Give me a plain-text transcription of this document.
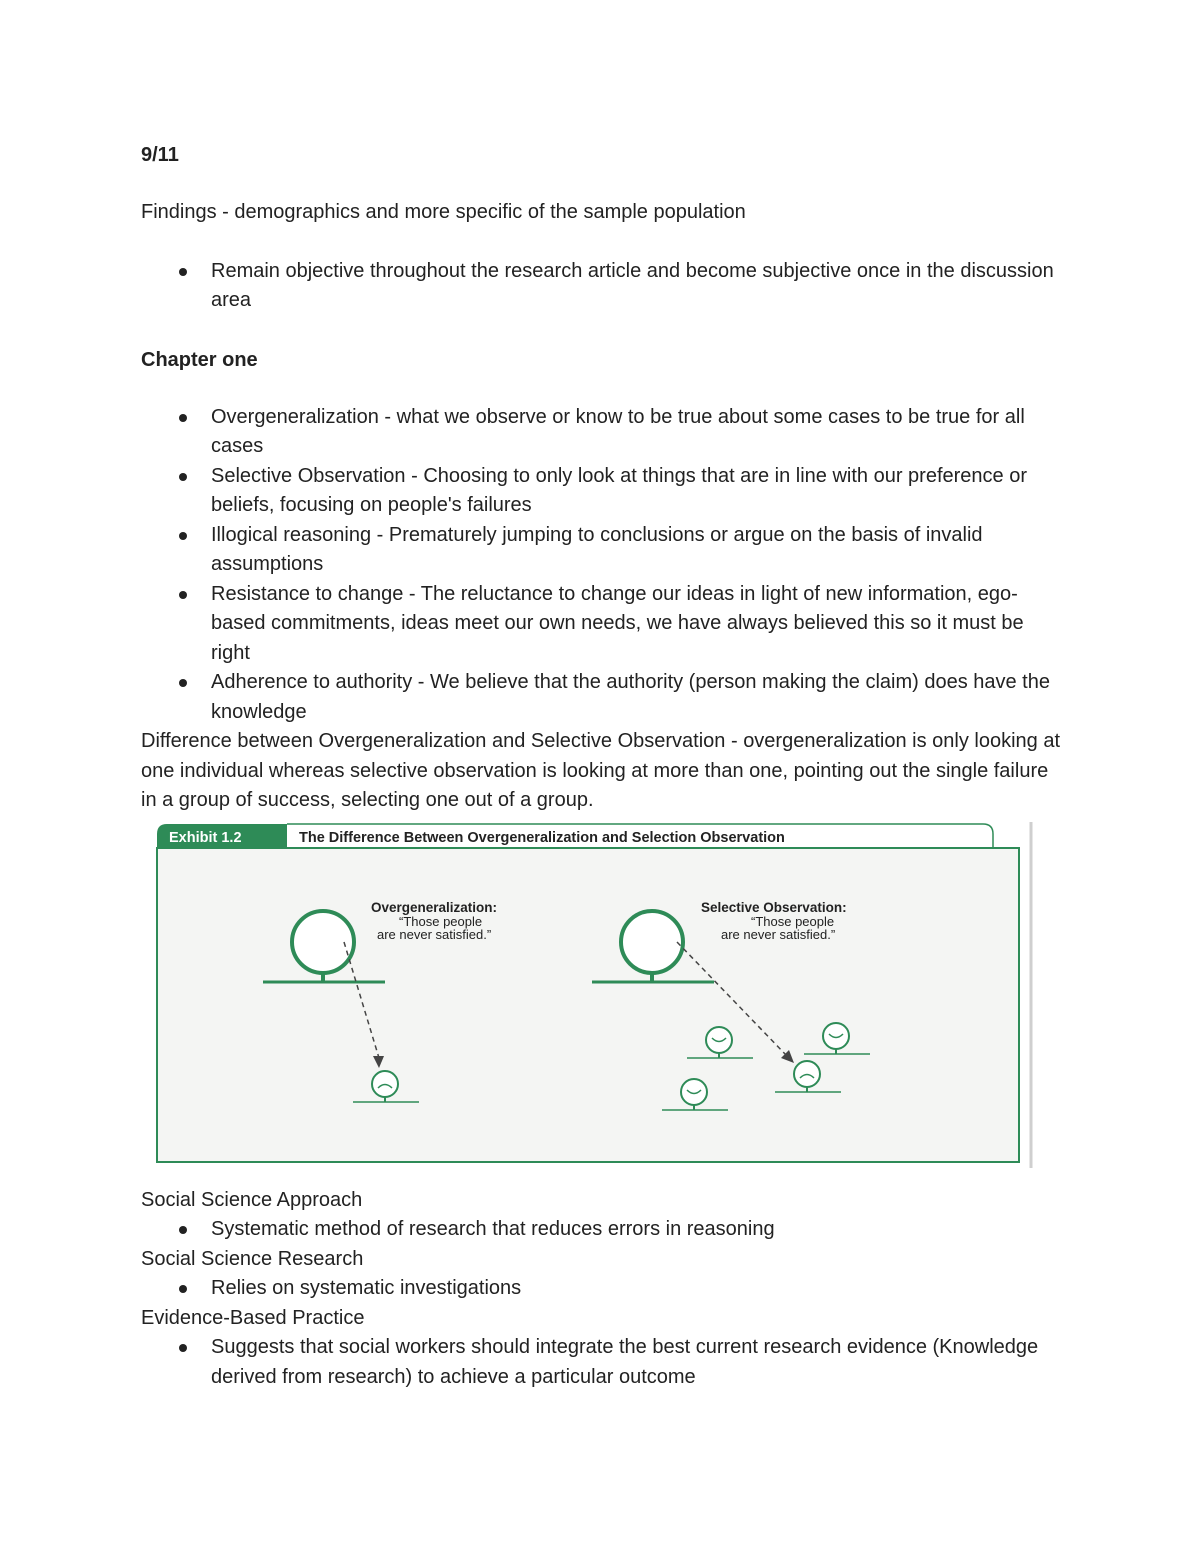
9/11

Findings - demographics and more specific of the sample population

Remain objective throughout the research article and become subjective once in the discussion area
Chapter one
Overgeneralization - what we observe or know to be true about some cases to be true for all cases
Selective Observation - Choosing to only look at things that are in line with our preference or beliefs, focusing on people's failures
Illogical reasoning - Prematurely jumping to conclusions or argue on the basis of invalid assumptions
Resistance to change - The reluctance to change our ideas in light of new information, ego-based commitments, ideas meet our own needs, we have always believed this so it must be right
Adherence to authority - We believe that the authority (person making the claim) does have the knowledge

Difference between Overgeneralization and Selective Observation - overgeneralization is only looking at one individual whereas selective observation is looking at more than one, pointing out the single failure in a group of success, selecting one out of a group.

Exhibit 1.2	The Difference Between Overgeneralization and Selection Observation
Overgeneralization:
“Those people
are never satisfied.”
Selective Observation:
“Those people
are never satisfied.”

Social Science Approach

Systematic method of research that reduces errors in reasoning

Social Science Research

Relies on systematic investigations

Evidence-Based Practice

Suggests that social workers should integrate the best current research evidence (Knowledge derived from research) to achieve a particular outcome
